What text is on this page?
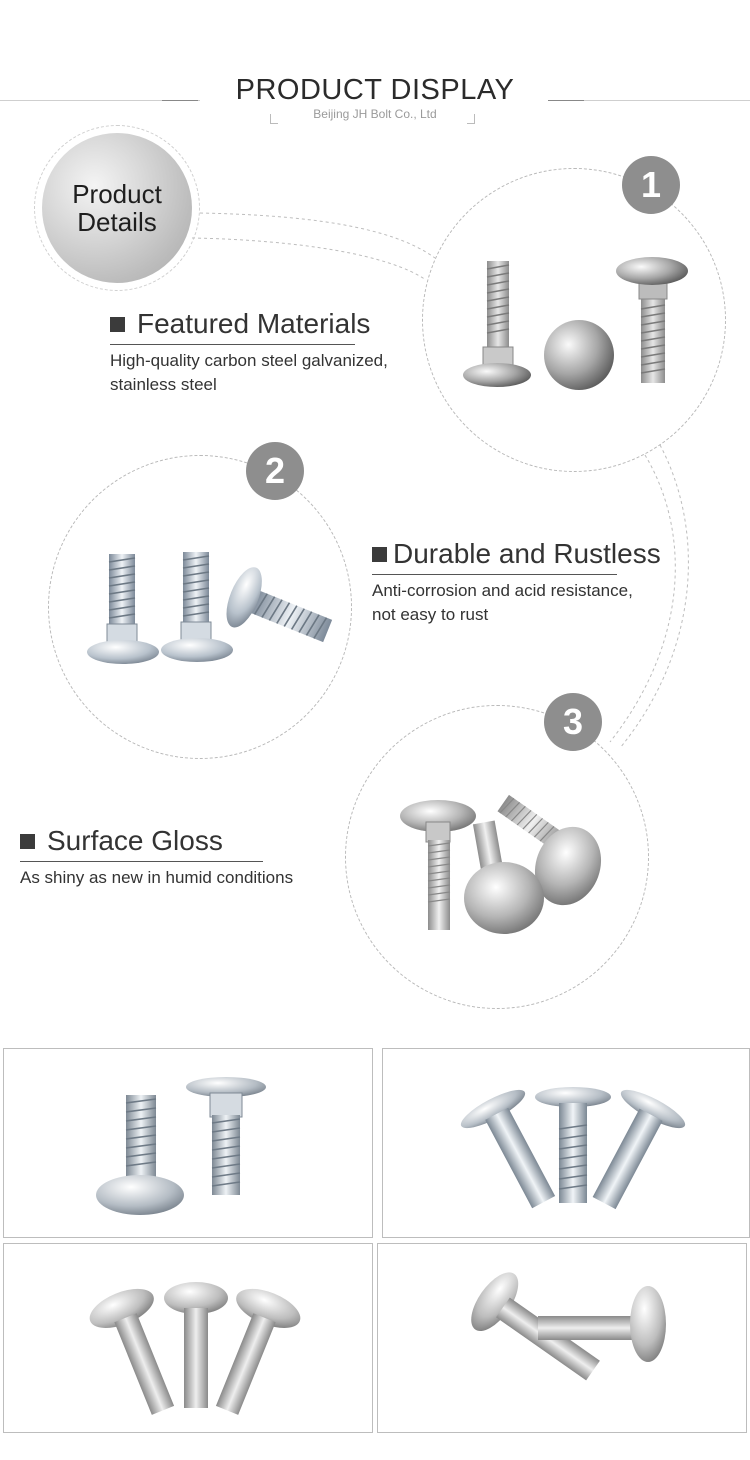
PRODUCT DISPLAY
Beijing JH Bolt Co., Ltd
Product
Details
1
Featured Materials

High-quality carbon steel galvanized,
stainless steel

2
Durable and Rustless

Anti-corrosion and acid resistance,
not easy to rust

3
Surface Gloss

As shiny as new in humid conditions
